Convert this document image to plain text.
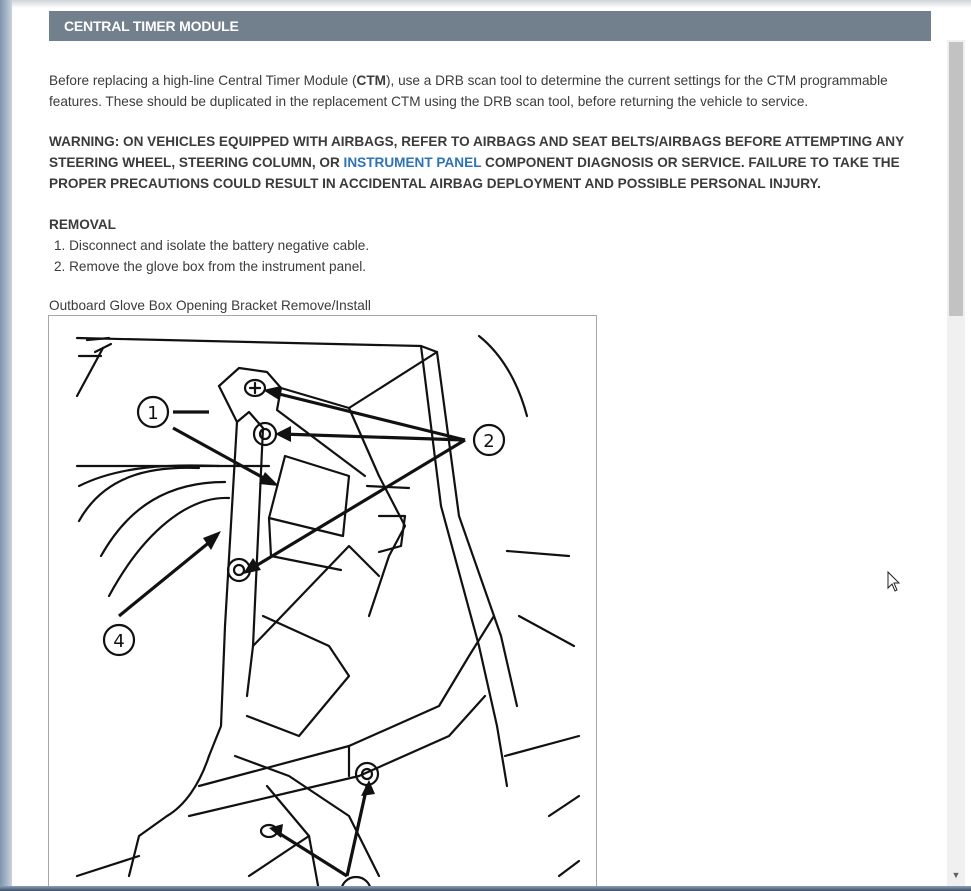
CENTRAL TIMER MODULE

Before replacing a high-line Central Timer Module (CTM), use a DRB scan tool to determine the current settings for the CTM programmable features. These should be duplicated in the replacement CTM using the DRB scan tool, before returning the vehicle to service.

WARNING: ON VEHICLES EQUIPPED WITH AIRBAGS, REFER TO AIRBAGS AND SEAT BELTS/AIRBAGS BEFORE ATTEMPTING ANY STEERING WHEEL, STEERING COLUMN, OR INSTRUMENT PANEL COMPONENT DIAGNOSIS OR SERVICE. FAILURE TO TAKE THE PROPER PRECAUTIONS COULD RESULT IN ACCIDENTAL AIRBAG DEPLOYMENT AND POSSIBLE PERSONAL INJURY.

REMOVAL
1. Disconnect and isolate the battery negative cable.
2. Remove the glove box from the instrument panel.
Outboard Glove Box Opening Bracket Remove/Install
1
2
4
▼
